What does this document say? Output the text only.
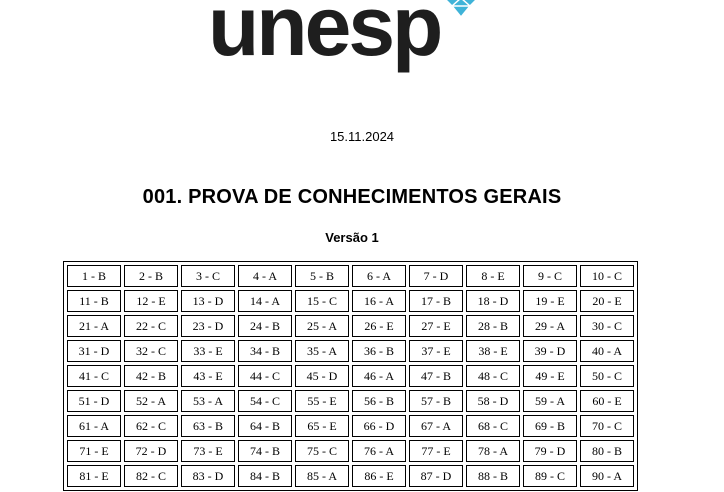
unesp
15.11.2024
001. PROVA DE CONHECIMENTOS GERAIS
Versão 1
1 - B	2 - B	3 - C	4 - A	5 - B	6 - A	7 - D	8 - E	9 - C	10 - C
11 - B	12 - E	13 - D	14 - A	15 - C	16 - A	17 - B	18 - D	19 - E	20 - E
21 - A	22 - C	23 - D	24 - B	25 - A	26 - E	27 - E	28 - B	29 - A	30 - C
31 - D	32 - C	33 - E	34 - B	35 - A	36 - B	37 - E	38 - E	39 - D	40 - A
41 - C	42 - B	43 - E	44 - C	45 - D	46 - A	47 - B	48 - C	49 - E	50 - C
51 - D	52 - A	53 - A	54 - C	55 - E	56 - B	57 - B	58 - D	59 - A	60 - E
61 - A	62 - C	63 - B	64 - B	65 - E	66 - D	67 - A	68 - C	69 - B	70 - C
71 - E	72 - D	73 - E	74 - B	75 - C	76 - A	77 - E	78 - A	79 - D	80 - B
81 - E	82 - C	83 - D	84 - B	85 - A	86 - E	87 - D	88 - B	89 - C	90 - A
